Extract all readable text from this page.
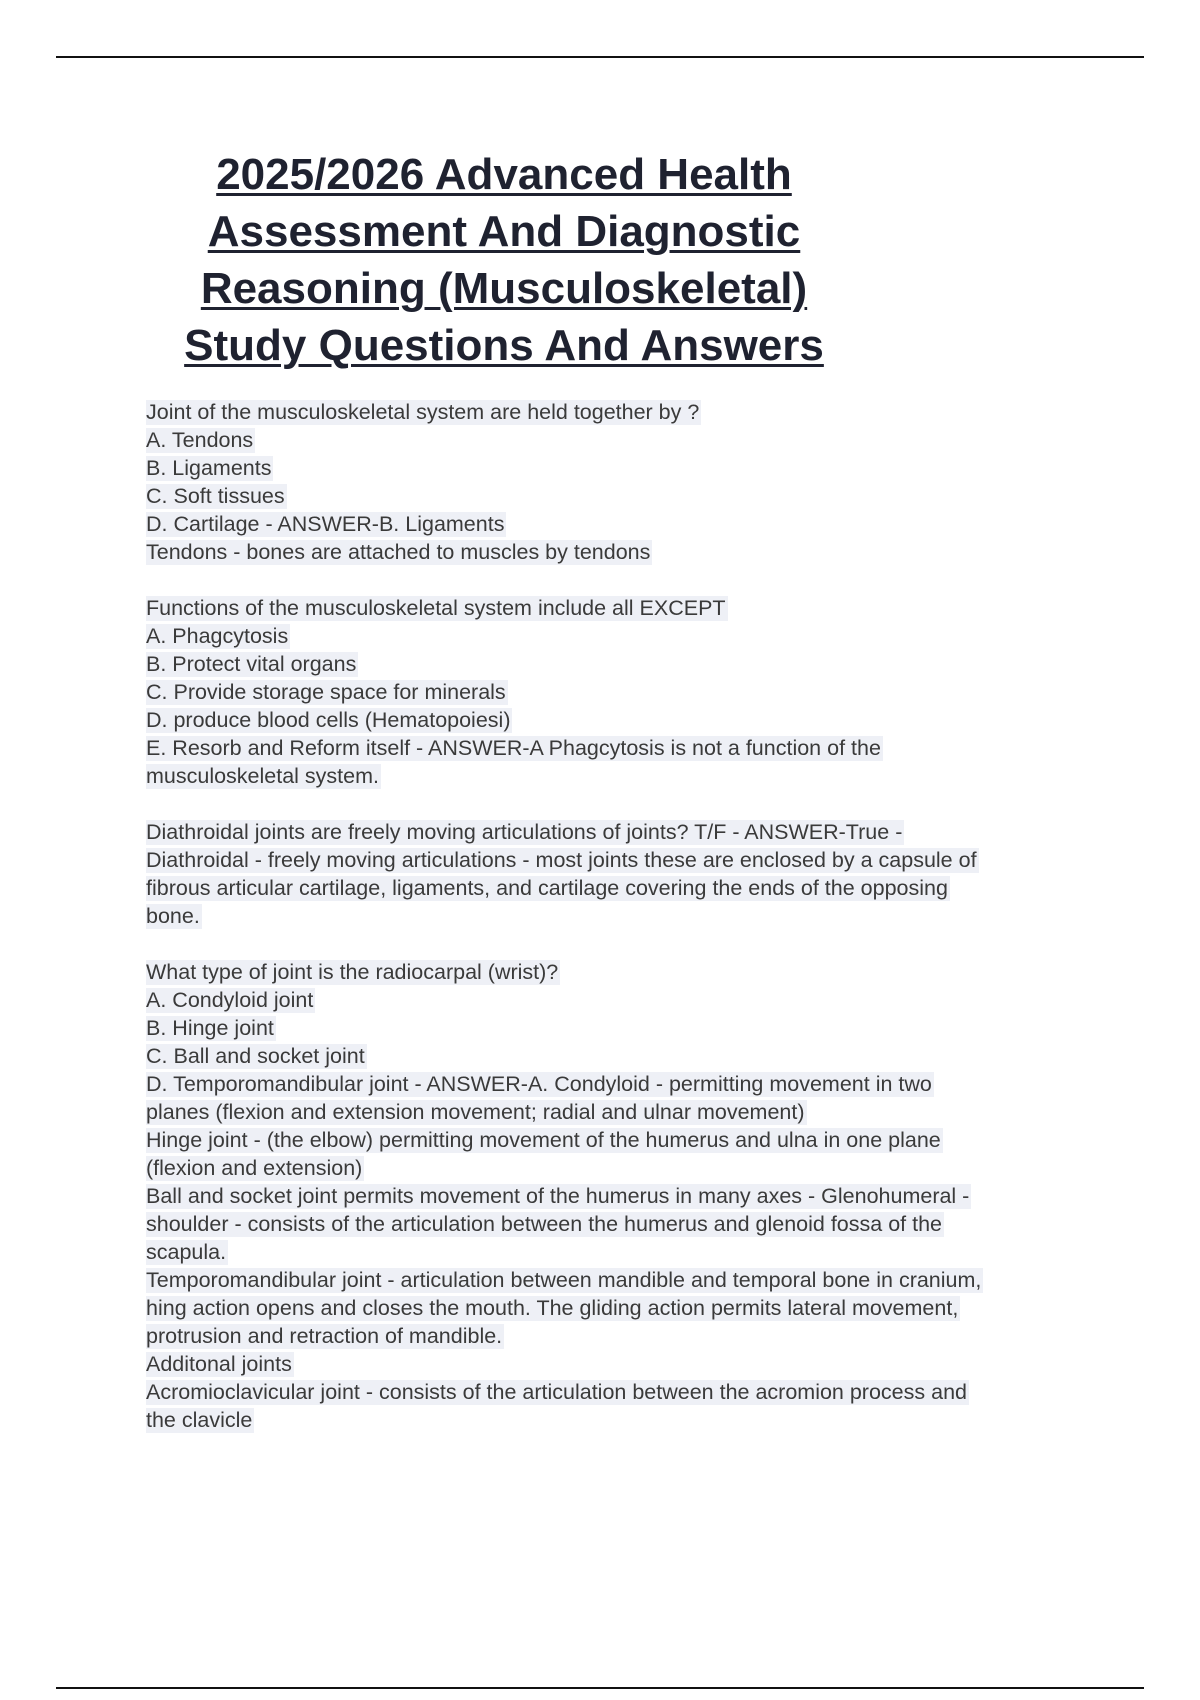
2025/2026 Advanced Health
Assessment And Diagnostic
Reasoning (Musculoskeletal)
Study Questions And Answers
Joint of the musculoskeletal system are held together by ?
A. Tendons
B. Ligaments
C. Soft tissues
D. Cartilage - ANSWER-B. Ligaments
Tendons - bones are attached to muscles by tendons
Functions of the musculoskeletal system include all EXCEPT
A. Phagcytosis
B. Protect vital organs
C. Provide storage space for minerals
D. produce blood cells (Hematopoiesi)
E. Resorb and Reform itself - ANSWER-A Phagcytosis is not a function of the
musculoskeletal system.
Diathroidal joints are freely moving articulations of joints? T/F - ANSWER-True -
Diathroidal - freely moving articulations - most joints these are enclosed by a capsule of
fibrous articular cartilage, ligaments, and cartilage covering the ends of the opposing
bone.
What type of joint is the radiocarpal (wrist)?
A. Condyloid joint
B. Hinge joint
C. Ball and socket joint
D. Temporomandibular joint - ANSWER-A. Condyloid - permitting movement in two
planes (flexion and extension movement; radial and ulnar movement)
Hinge joint - (the elbow) permitting movement of the humerus and ulna in one plane
(flexion and extension)
Ball and socket joint permits movement of the humerus in many axes - Glenohumeral -
shoulder - consists of the articulation between the humerus and glenoid fossa of the
scapula.
Temporomandibular joint - articulation between mandible and temporal bone in cranium,
hing action opens and closes the mouth. The gliding action permits lateral movement,
protrusion and retraction of mandible.
Additonal joints
Acromioclavicular joint - consists of the articulation between the acromion process and
the clavicle
